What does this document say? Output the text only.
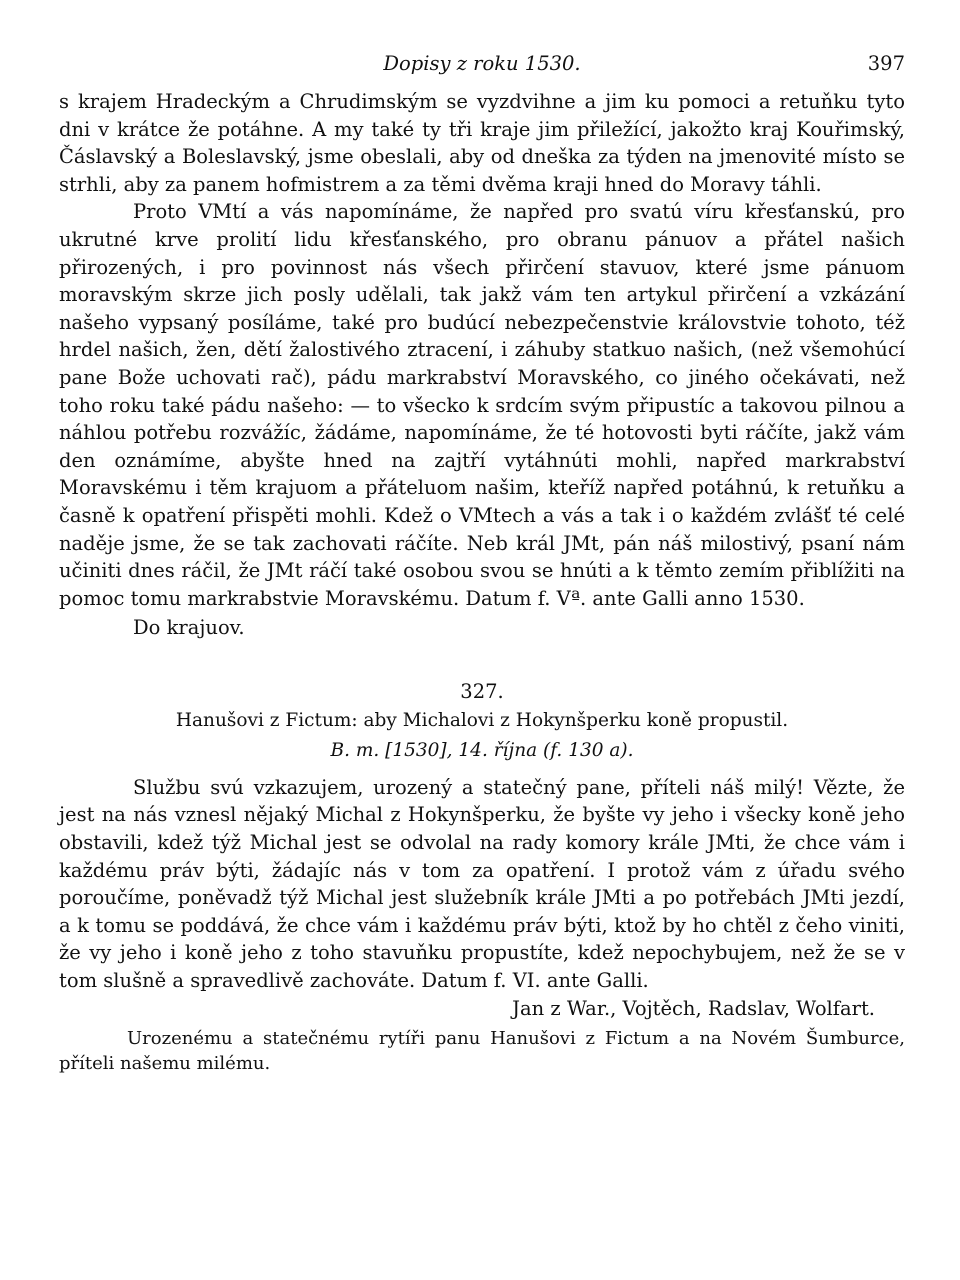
Dopisy z roku 1530.	397

s krajem Hradeckým a Chrudimským se vyzdvihne a jim ku pomoci a retuňku tyto dni v krátce že potáhne. A my také ty tři kraje jim přiležící, jakožto kraj Kouřimský, Čáslavský a Boleslavský, jsme obeslali, aby od dneška za týden na jmenovité místo se strhli, aby za panem hofmistrem a za těmi dvěma kraji hned do Moravy táhli.

Proto VMtí a vás napomínáme, že napřed pro svatú víru křesťanskú, pro ukrutné krve prolití lidu křesťanského, pro obranu pánuov a přátel našich přirozených, i pro povinnost nás všech přirčení stavuov, které jsme pánuom moravským skrze jich posly udělali, tak jakž vám ten artykul přirčení a vzkázání našeho vypsaný posíláme, také pro budúcí nebezpečenstvie královstvie tohoto, též hrdel našich, žen, dětí žalostivého ztracení, i záhuby statkuo našich, (než všemohúcí pane Bože uchovati rač), pádu markrabství Moravského, co jiného očekávati, než toho roku také pádu našeho: — to všecko k srdcím svým připustíc a takovou pilnou a náhlou potřebu rozvážíc, žádáme, napomínáme, že té hotovosti byti ráčíte, jakž vám den oznámíme, abyšte hned na zajtří vytáhnúti mohli, napřed markrabství Moravskému i těm krajuom a přáteluom našim, kteříž napřed potáhnú, k retuňku a časně k opatření přispěti mohli. Kdež o VMtech a vás a tak i o každém zvlášť té celé naděje jsme, že se tak zachovati ráčíte. Neb král JMt, pán náš milostivý, psaní nám učiniti dnes ráčil, že JMt ráčí také osobou svou se hnúti a k těmto zemím přiblížiti na pomoc tomu markrabstvie Moravskému. Datum f. Vª. ante Galli anno 1530.

Do krajuov.
327.
Hanušovi z Fictum: aby Michalovi z Hokynšperku koně propustil.
B. m. [1530], 14. října (f. 130 a).

Službu svú vzkazujem, urozený a statečný pane, příteli náš milý! Vězte, že jest na nás vznesl nějaký Michal z Hokynšperku, že byšte vy jeho i všecky koně jeho obstavili, kdež týž Michal jest se odvolal na rady komory krále JMti, že chce vám i každému práv býti, žádajíc nás v tom za opatření. I protož vám z úřadu svého poroučíme, poněvadž týž Michal jest služebník krále JMti a po potřebách JMti jezdí, a k tomu se poddává, že chce vám i každému práv býti, ktož by ho chtěl z čeho viniti, že vy jeho i koně jeho z toho stavuňku propustíte, kdež nepochybujem, než že se v tom slušně a spravedlivě zachováte. Datum f. VI. ante Galli.

Jan z War., Vojtěch, Radslav, Wolfart.

Urozenému a statečnému rytíři panu Hanušovi z Fictum a na Novém Šumburce, příteli našemu milému.
